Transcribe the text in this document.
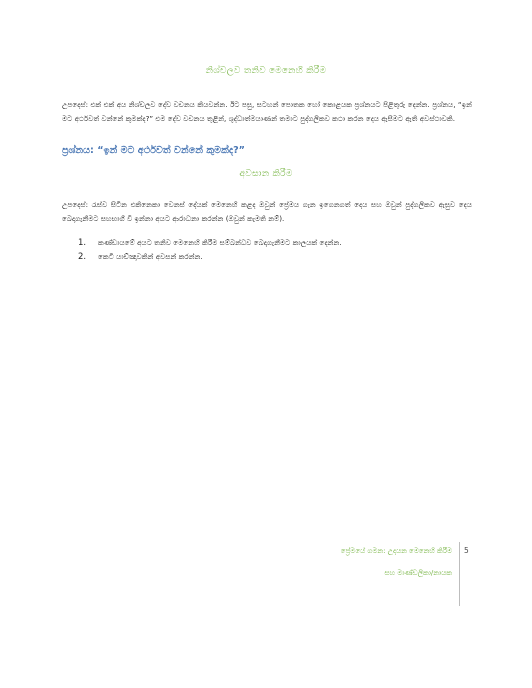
නිශ්චලව තනිව මෙනෙහි කිරීම
උපදෙස්: එක් එක් අය නිශ්චලව දේව වචනය කියවන්න. ඊට පසු, සටහන් පොතක හෝ කොළයක ප්‍රශ්නයට පිළිතුරු දෙන්න. ප්‍රශ්නය, “ඉන් මට අර්ථවත් වන්නේ කුමක්ද?” එම දේව වචනය තුළින්, ශුද්ධාත්මයාණන් තමාට පුද්ගලිකව කථා කරන දෙය ඇසීමට ඇති අවස්ථාවකි.
ප්‍රශ්නය: “ඉන් මට අර්ථවත් වන්නේ කුමක්ද?”
අවසාන කිරීම
උපදෙස්: රැස්ව සිටින එකිනෙකා වෙනස් දේයක් මෙනෙහි කළද ඔවුන් ප්‍රේමය ගැන ඉගෙනගත් දෙය සහ ඔවුන් පුද්ගලිකව ඇසුව දෙය බෙදාගැනීමට සහභාගී වී ඉන්නා අයට ආරාධනා කරන්න (ඔවුන් කැමති නම්).
1. කණ්ඩායමේ අයට තනිව මෙනෙහි කිරීම සම්බන්ධව බෙදාගැනීමට කාලයක් දෙන්න.
2. කෙටි යාච්ඤාවකින් අවසන් කරන්න.
ප්‍රේමයේ ගමන: උදයන මෙනෙහි කිරීම
සහ මාණ්ඩලිකා/නායක
5
